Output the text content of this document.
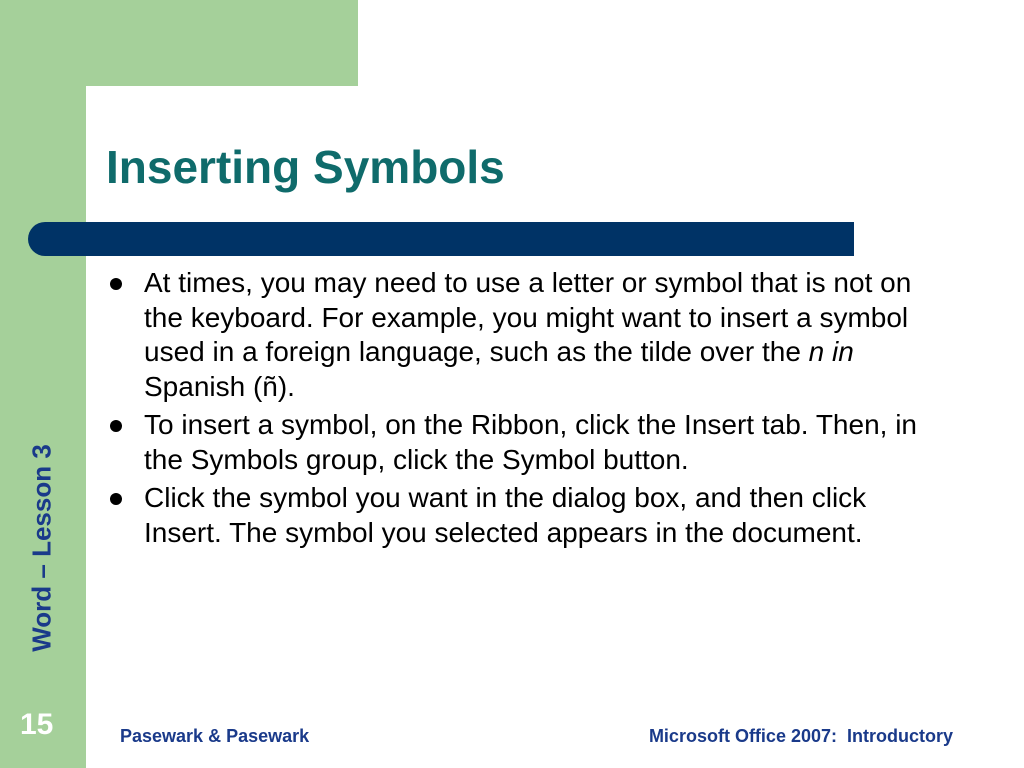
Inserting Symbols
At times, you may need to use a letter or symbol that is not on the keyboard. For example, you might want to insert a symbol used in a foreign language, such as the tilde over the n in Spanish (ñ).
To insert a symbol, on the Ribbon, click the Insert tab. Then, in the Symbols group, click the Symbol button.
Click the symbol you want in the dialog box, and then click Insert. The symbol you selected appears in the document.
Word – Lesson 3
15	Pasewark & Pasewark	Microsoft Office 2007:  Introductory
